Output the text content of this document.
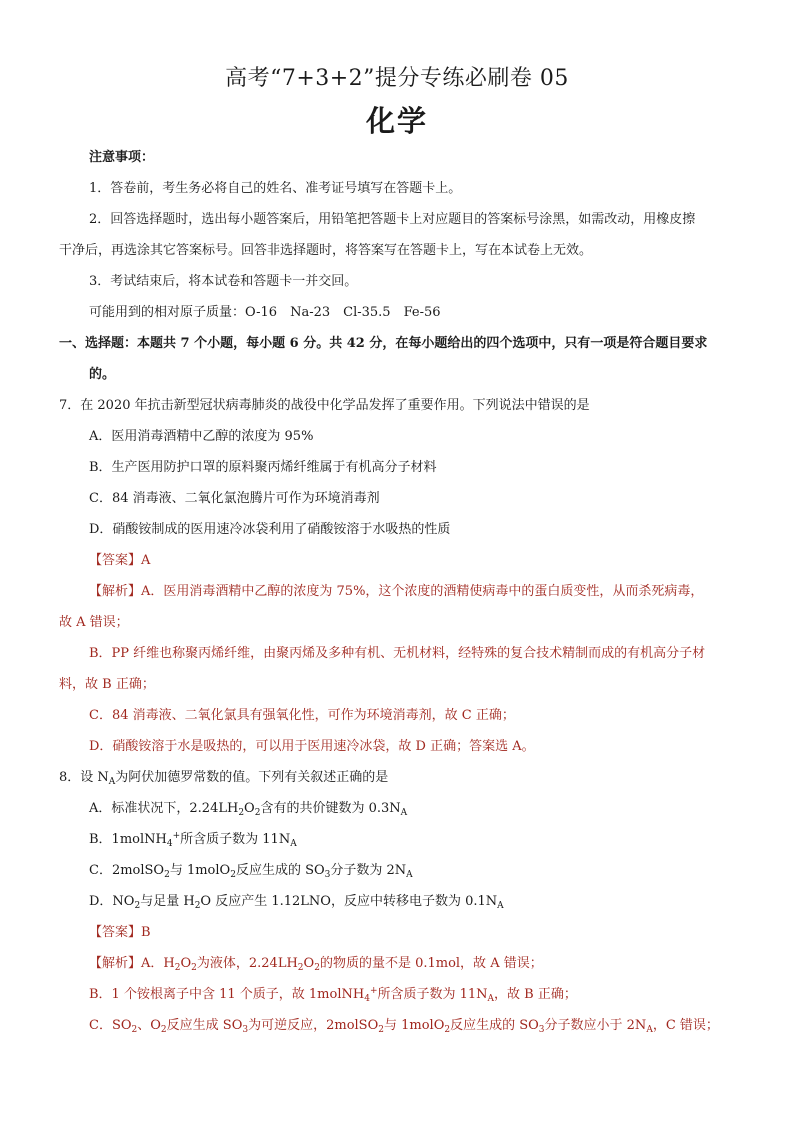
高考“7+3+2”提分专练必刷卷 05
化学
注意事项：
1．答卷前，考生务必将自己的姓名、准考证号填写在答题卡上。
2．回答选择题时，选出每小题答案后，用铅笔把答题卡上对应题目的答案标号涂黑，如需改动，用橡皮擦
干净后，再选涂其它答案标号。回答非选择题时，将答案写在答题卡上，写在本试卷上无效。
3．考试结束后，将本试卷和答题卡一并交回。
可能用到的相对原子质量：O-16　Na-23　Cl-35.5　Fe-56
一、选择题：本题共 7 个小题，每小题 6 分。共 42 分，在每小题给出的四个选项中，只有一项是符合题目要求
的。
7．在 2020 年抗击新型冠状病毒肺炎的战役中化学品发挥了重要作用。下列说法中错误的是
A．医用消毒酒精中乙醇的浓度为 95%
B．生产医用防护口罩的原料聚丙烯纤维属于有机高分子材料
C．84 消毒液、二氧化氯泡腾片可作为环境消毒剂
D．硝酸铵制成的医用速冷冰袋利用了硝酸铵溶于水吸热的性质
【答案】A
【解析】A．医用消毒酒精中乙醇的浓度为 75%，这个浓度的酒精使病毒中的蛋白质变性，从而杀死病毒，
故 A 错误；
B．PP 纤维也称聚丙烯纤维，由聚丙烯及多种有机、无机材料，经特殊的复合技术精制而成的有机高分子材
料，故 B 正确；
C．84 消毒液、二氧化氯具有强氧化性，可作为环境消毒剂，故 C 正确；
D．硝酸铵溶于水是吸热的，可以用于医用速冷冰袋，故 D 正确；答案选 A。
8．设 $N_A$为阿伏加德罗常数的值。下列有关叙述正确的是
A．标准状况下，$2.24LH_2O_2$含有的共价键数为 $0.3N_A$
B．1molNH$_4$+所含质子数为 $11N_A$
C．2molSO$_2$与 1molO$_2$反应生成的 $SO_3$分子数为 $2N_A$
D．$NO_2$与足量 $H_2O$ 反应产生 1.12LNO，反应中转移电子数为 $0.1N_A$
【答案】B
【解析】A．$H_2O_2$为液体，$2.24LH_2O_2$的物质的量不是 0.1mol，故 A 错误；
B．1 个铵根离子中含 11 个质子，故 1molNH$_4$+所含质子数为 $11N_A$，故 B 正确；
C．$SO_2$、$O_2$反应生成 $SO_3$为可逆反应，2molSO$_2$与 1molO$_2$反应生成的 $SO_3$分子数应小于 $2N_A$，C 错误；
